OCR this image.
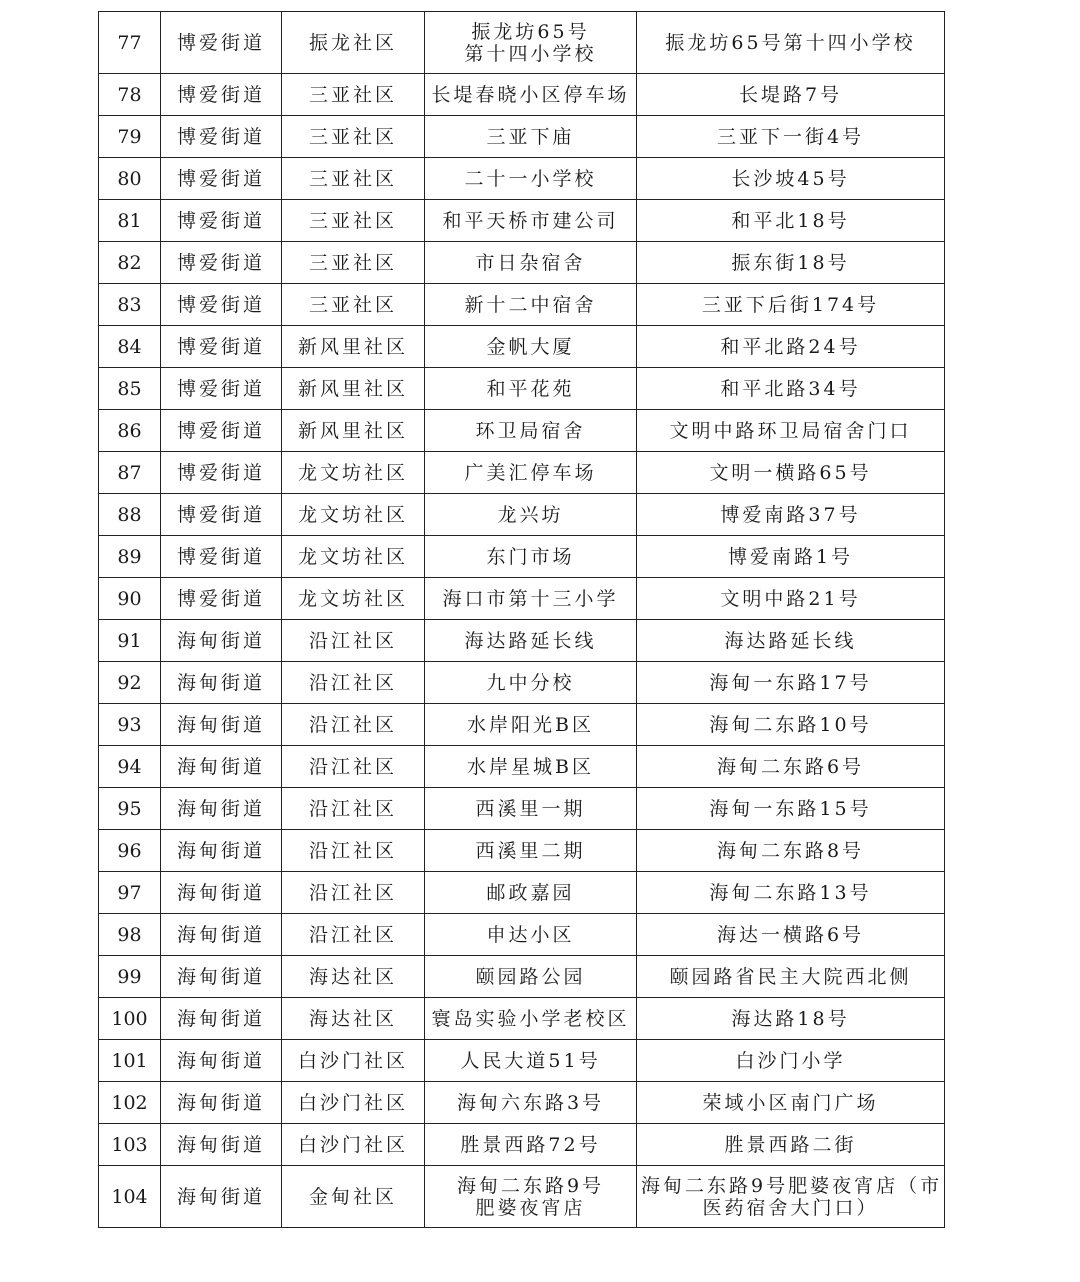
77	博爱街道	振龙社区	振龙坊65号
第十四小学校	振龙坊65号第十四小学校

78	博爱街道	三亚社区	长堤春晓小区停车场	长堤路7号

79	博爱街道	三亚社区	三亚下庙	三亚下一街4号

80	博爱街道	三亚社区	二十一小学校	长沙坡45号

81	博爱街道	三亚社区	和平天桥市建公司	和平北18号

82	博爱街道	三亚社区	市日杂宿舍	振东街18号

83	博爱街道	三亚社区	新十二中宿舍	三亚下后街174号

84	博爱街道	新风里社区	金帆大厦	和平北路24号

85	博爱街道	新风里社区	和平花苑	和平北路34号

86	博爱街道	新风里社区	环卫局宿舍	文明中路环卫局宿舍门口

87	博爱街道	龙文坊社区	广美汇停车场	文明一横路65号

88	博爱街道	龙文坊社区	龙兴坊	博爱南路37号

89	博爱街道	龙文坊社区	东门市场	博爱南路1号

90	博爱街道	龙文坊社区	海口市第十三小学	文明中路21号

91	海甸街道	沿江社区	海达路延长线	海达路延长线

92	海甸街道	沿江社区	九中分校	海甸一东路17号

93	海甸街道	沿江社区	水岸阳光B区	海甸二东路10号

94	海甸街道	沿江社区	水岸星城B区	海甸二东路6号

95	海甸街道	沿江社区	西溪里一期	海甸一东路15号

96	海甸街道	沿江社区	西溪里二期	海甸二东路8号

97	海甸街道	沿江社区	邮政嘉园	海甸二东路13号

98	海甸街道	沿江社区	申达小区	海达一横路6号

99	海甸街道	海达社区	颐园路公园	颐园路省民主大院西北侧

100	海甸街道	海达社区	寰岛实验小学老校区	海达路18号

101	海甸街道	白沙门社区	人民大道51号	白沙门小学

102	海甸街道	白沙门社区	海甸六东路3号	荣域小区南门广场

103	海甸街道	白沙门社区	胜景西路72号	胜景西路二街

104	海甸街道	金甸社区	海甸二东路9号
肥婆夜宵店	海甸二东路9号肥婆夜宵店（市
医药宿舍大门口）
